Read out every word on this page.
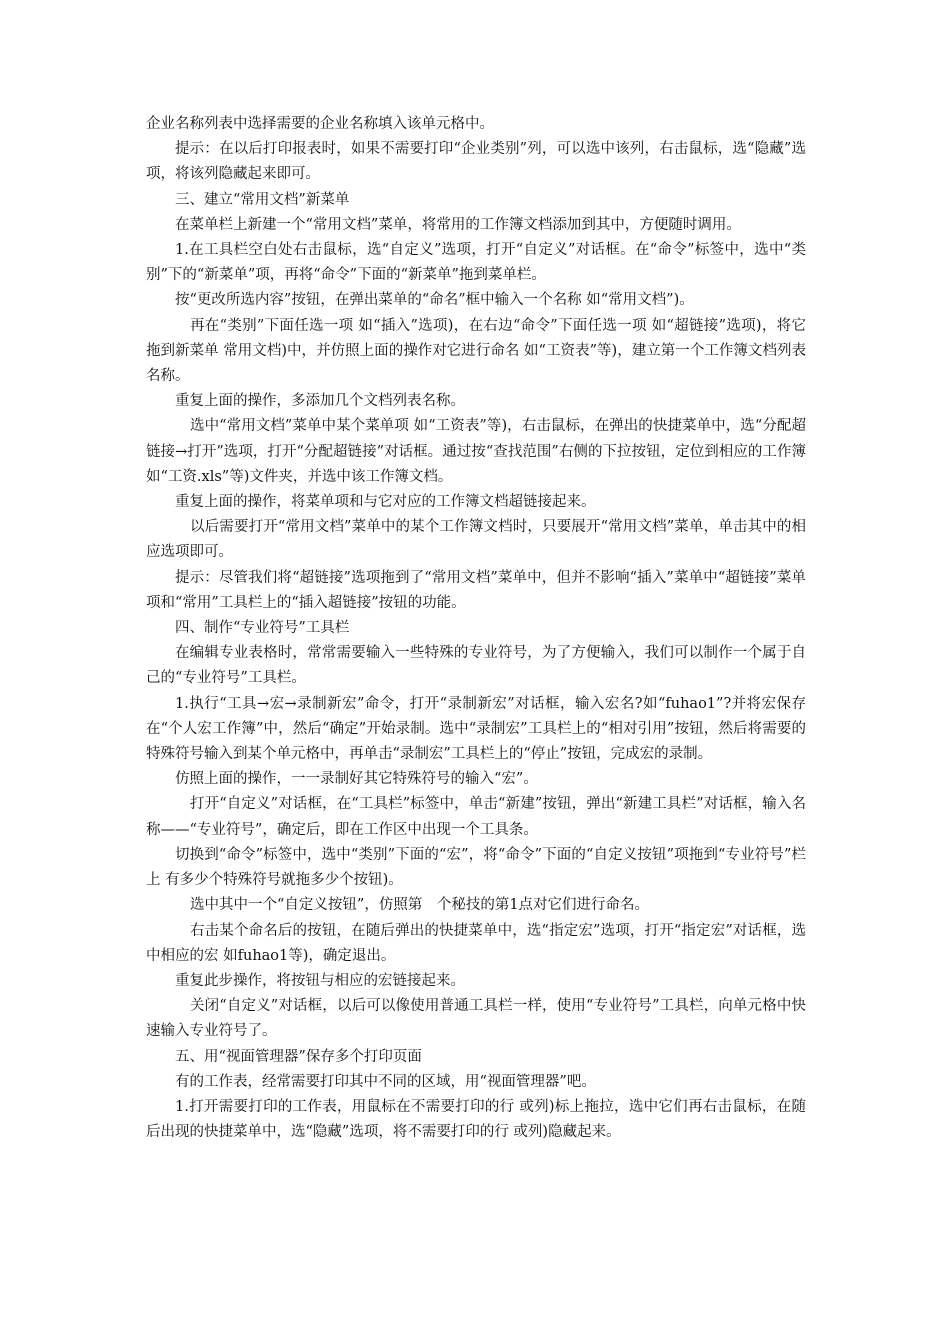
企业名称列表中选择需要的企业名称填入该单元格中。

提示：在以后打印报表时，如果不需要打印“企业类别”列，可以选中该列，右击鼠标，选“隐藏”选项，将该列隐藏起来即可。

三、建立“常用文档”新菜单

在菜单栏上新建一个“常用文档”菜单，将常用的工作簿文档添加到其中，方便随时调用。

1.在工具栏空白处右击鼠标，选“自定义”选项，打开“自定义”对话框。在“命令”标签中，选中“类别”下的“新菜单”项，再将“命令”下面的“新菜单”拖到菜单栏。

按“更改所选内容”按钮，在弹出菜单的“命名”框中输入一个名称 如“常用文档”)。

再在“类别”下面任选一项 如“插入”选项)，在右边“命令”下面任选一项 如“超链接”选项)，将它拖到新菜单 常用文档)中，并仿照上面的操作对它进行命名 如“工资表”等)，建立第一个工作簿文档列表名称。

重复上面的操作，多添加几个文档列表名称。

选中“常用文档”菜单中某个菜单项 如“工资表”等)，右击鼠标，在弹出的快捷菜单中，选“分配超链接→打开”选项，打开“分配超链接”对话框。通过按“查找范围”右侧的下拉按钮，定位到相应的工作簿 如“工资.xls”等)文件夹，并选中该工作簿文档。

重复上面的操作，将菜单项和与它对应的工作簿文档超链接起来。

以后需要打开“常用文档”菜单中的某个工作簿文档时，只要展开“常用文档”菜单，单击其中的相应选项即可。

提示：尽管我们将“超链接”选项拖到了“常用文档”菜单中，但并不影响“插入”菜单中“超链接”菜单项和“常用”工具栏上的“插入超链接”按钮的功能。

四、制作“专业符号”工具栏

在编辑专业表格时，常常需要输入一些特殊的专业符号，为了方便输入，我们可以制作一个属于自己的“专业符号”工具栏。

1.执行“工具→宏→录制新宏”命令，打开“录制新宏”对话框，输入宏名?如“fuhao1”?并将宏保存在“个人宏工作簿”中，然后“确定”开始录制。选中“录制宏”工具栏上的“相对引用”按钮，然后将需要的特殊符号输入到某个单元格中，再单击“录制宏”工具栏上的“停止”按钮，完成宏的录制。

仿照上面的操作，一一录制好其它特殊符号的输入“宏”。

打开“自定义”对话框，在“工具栏”标签中，单击“新建”按钮，弹出“新建工具栏”对话框，输入名称——“专业符号”，确定后，即在工作区中出现一个工具条。

切换到“命令”标签中，选中“类别”下面的“宏”，将“命令”下面的“自定义按钮”项拖到“专业符号”栏上 有多少个特殊符号就拖多少个按钮)。

选中其中一个“自定义按钮”，仿照第　个秘技的第1点对它们进行命名。

右击某个命名后的按钮，在随后弹出的快捷菜单中，选“指定宏”选项，打开“指定宏”对话框，选中相应的宏 如fuhao1等)，确定退出。

重复此步操作，将按钮与相应的宏链接起来。

关闭“自定义”对话框，以后可以像使用普通工具栏一样，使用“专业符号”工具栏，向单元格中快速输入专业符号了。

五、用“视面管理器”保存多个打印页面

有的工作表，经常需要打印其中不同的区域，用“视面管理器”吧。

1.打开需要打印的工作表，用鼠标在不需要打印的行 或列)标上拖拉，选中它们再右击鼠标，在随后出现的快捷菜单中，选“隐藏”选项，将不需要打印的行 或列)隐藏起来。
